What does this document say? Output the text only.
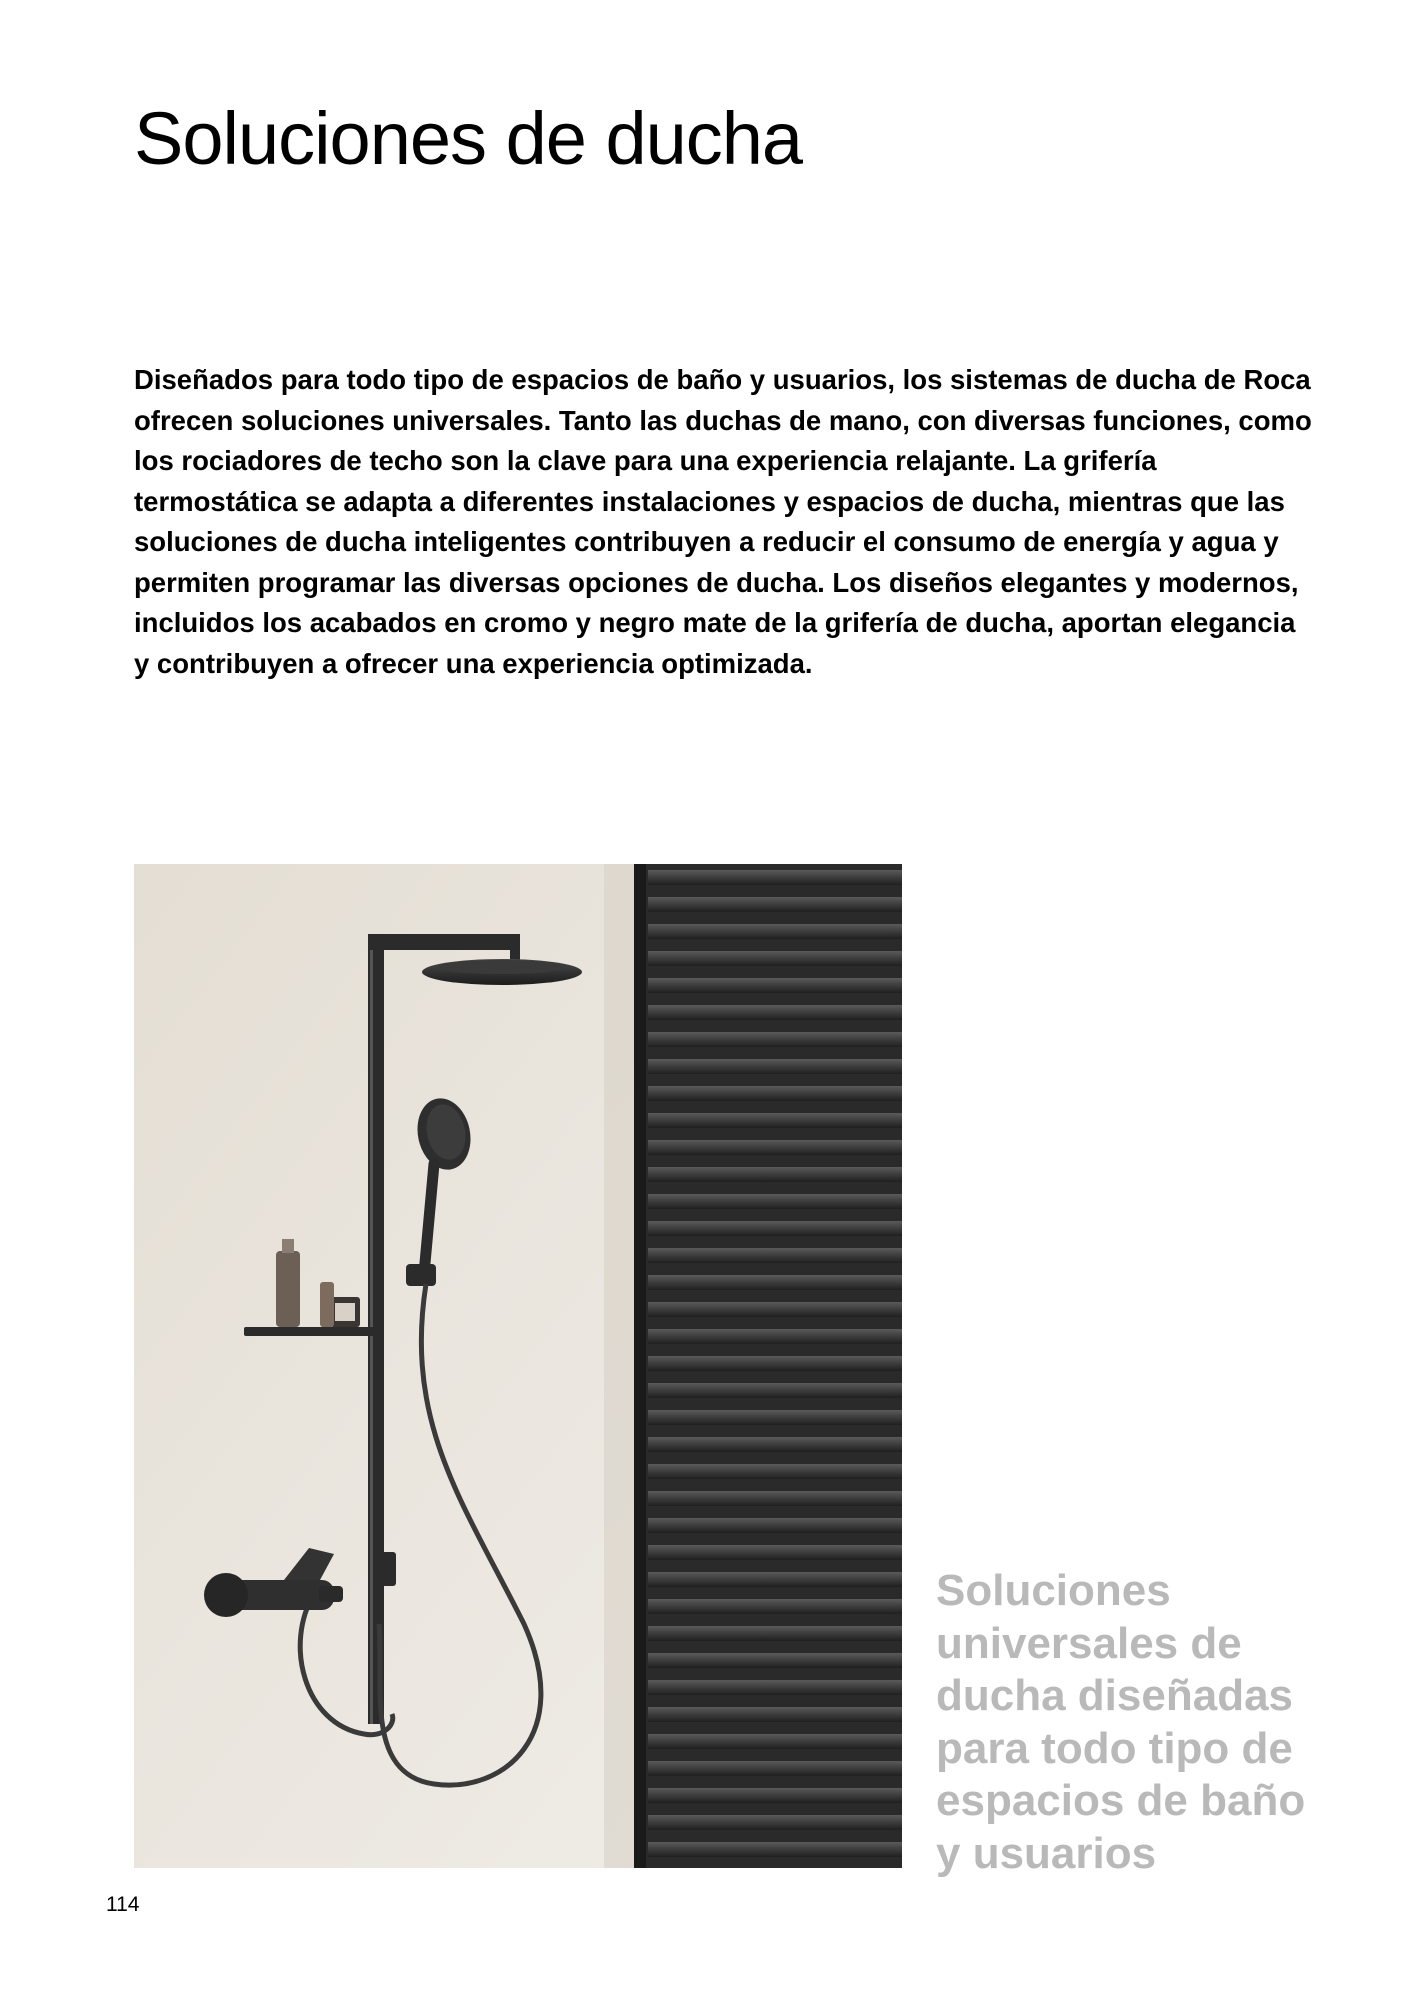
Soluciones de ducha

Diseñados para todo tipo de espacios de baño y usuarios, los sistemas de ducha de Roca ofrecen soluciones universales. Tanto las duchas de mano, con diversas funciones, como los rociadores de techo son la clave para una experiencia relajante. La grifería termostática se adapta a diferentes instalaciones y espacios de ducha, mientras que las soluciones de ducha inteligentes contribuyen a reducir el consumo de energía y agua y permiten programar las diversas opciones de ducha. Los diseños elegantes y modernos, incluidos los acabados en cromo y negro mate de la grifería de ducha, aportan elegancia y contribuyen a ofrecer una experiencia optimizada.

Soluciones universales de ducha diseñadas para todo tipo de espacios de baño y usuarios

114
